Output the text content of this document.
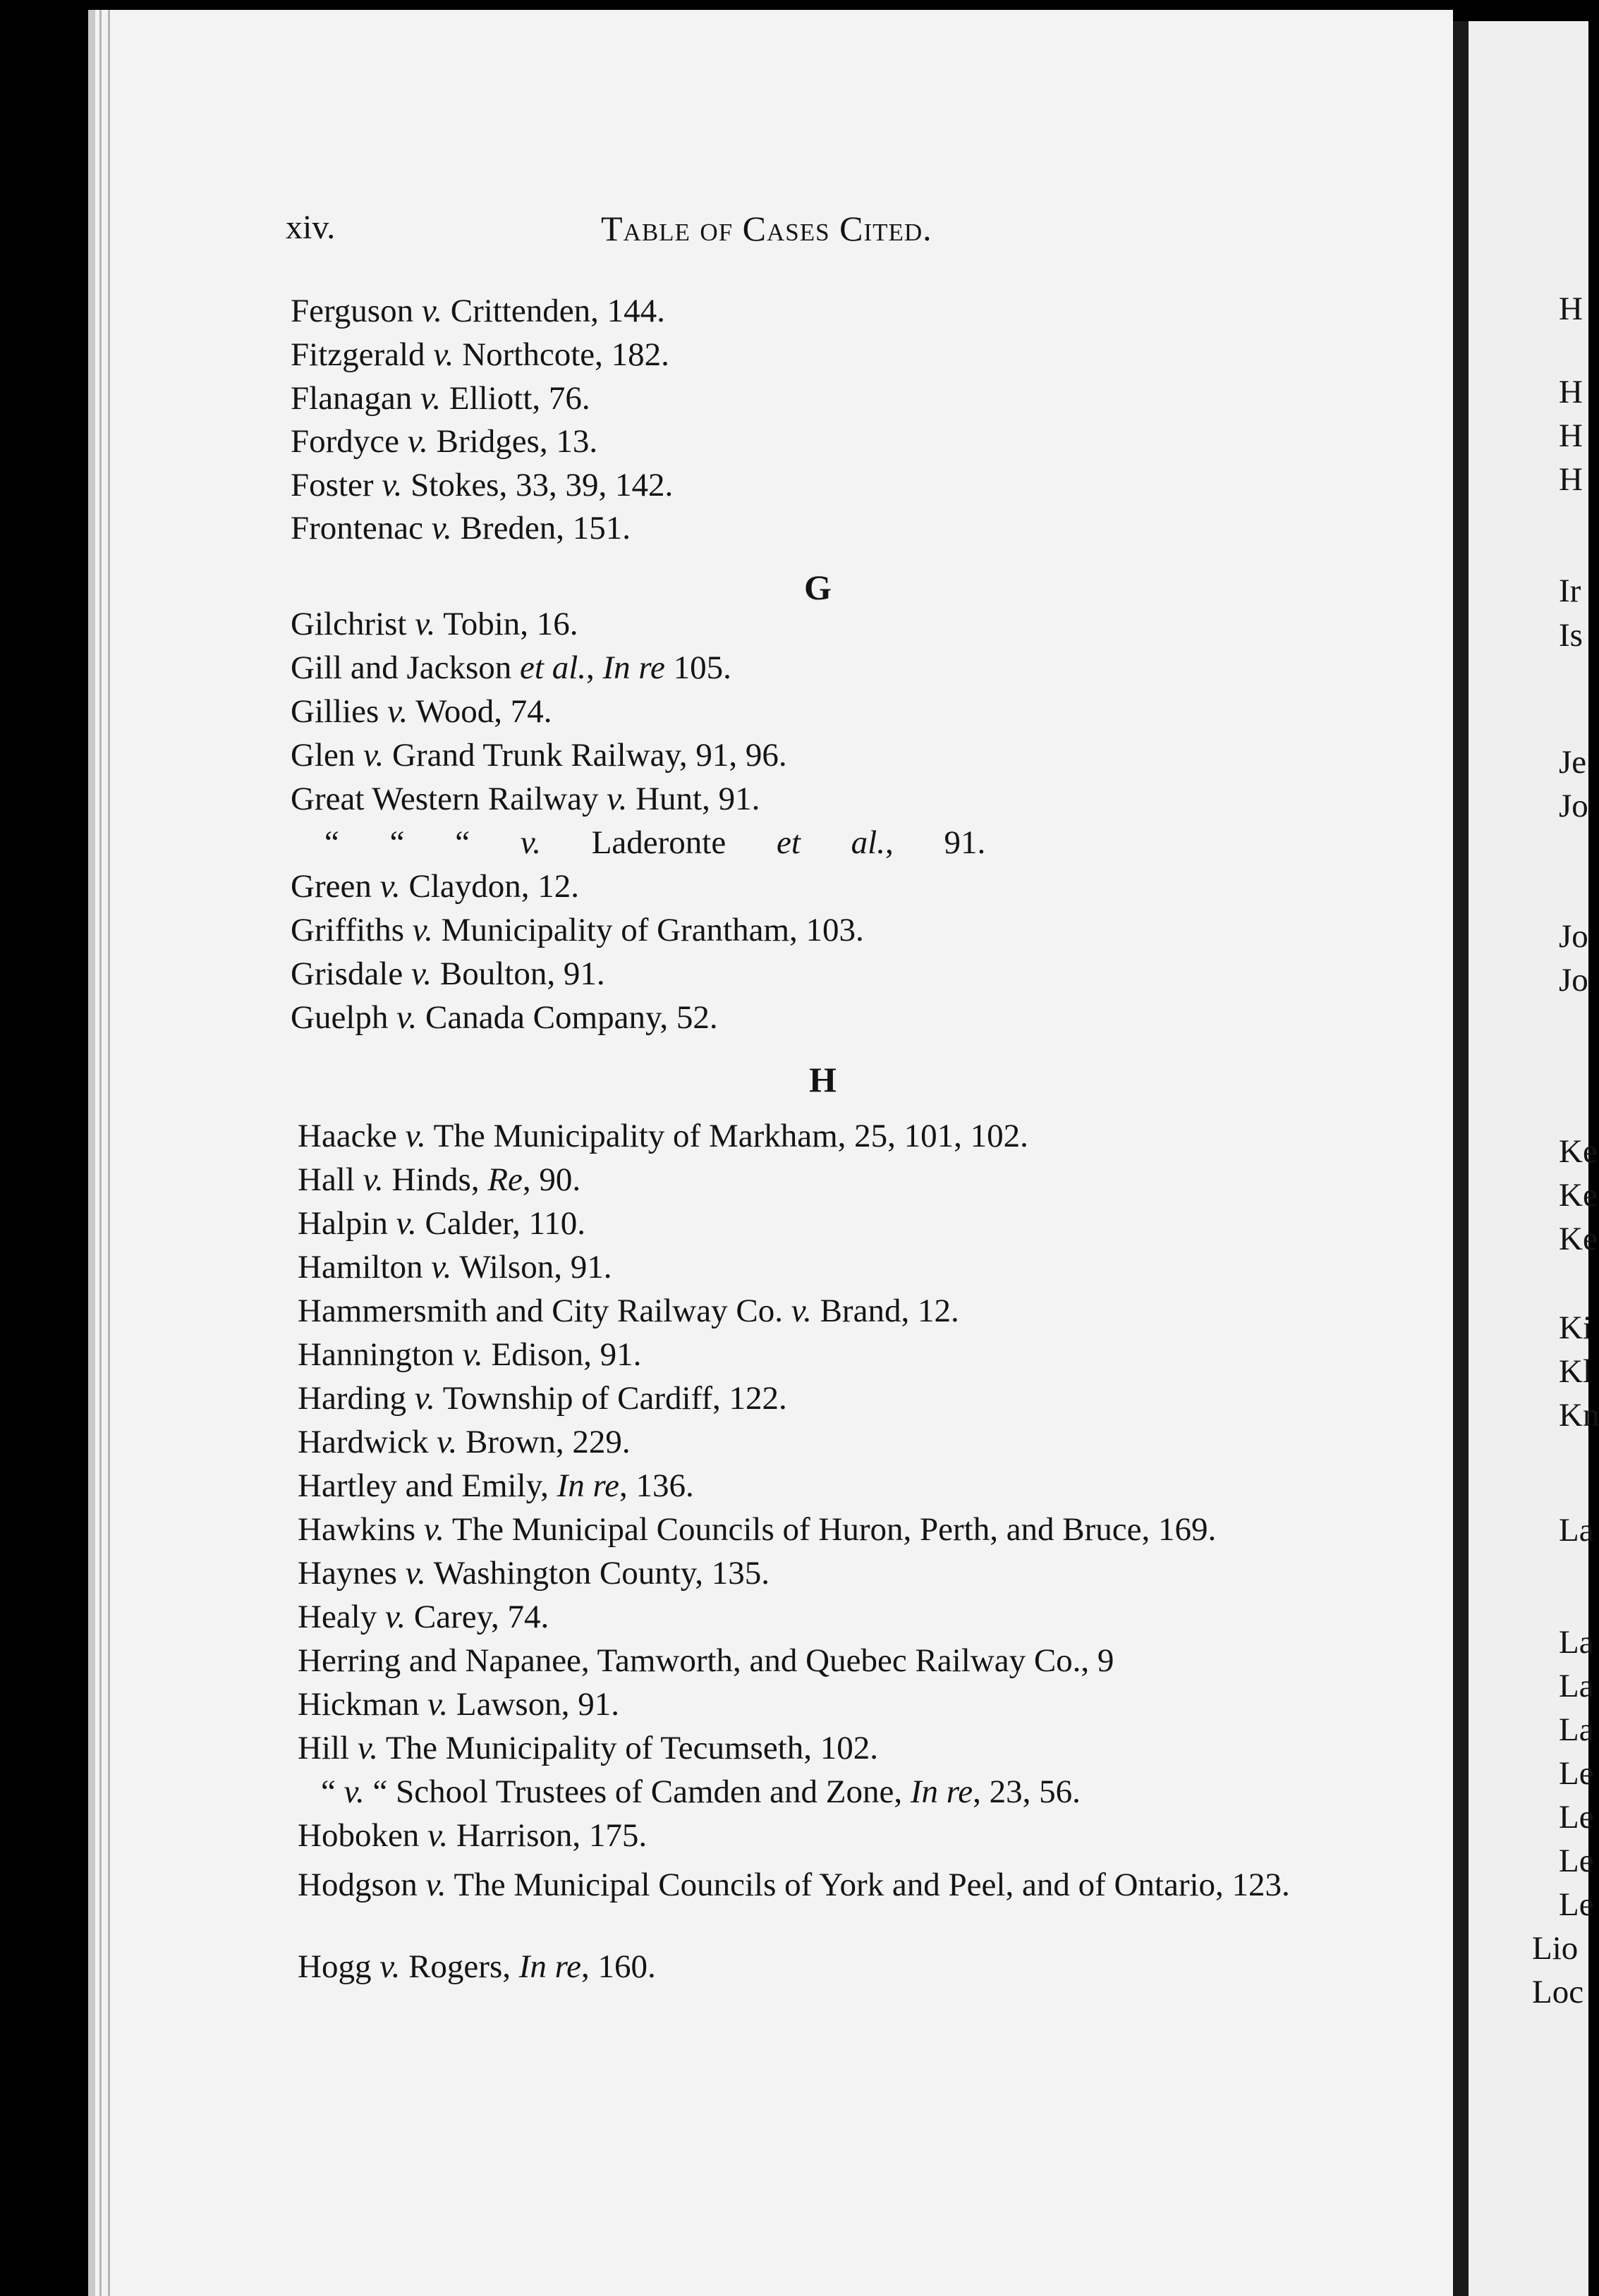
xiv.	Table of Cases Cited.
Ferguson v. Crittenden, 144.
Fitzgerald v. Northcote, 182.
Flanagan v. Elliott, 76.
Fordyce v. Bridges, 13.
Foster v. Stokes, 33, 39, 142.
Frontenac v. Breden, 151.
G
Gilchrist v. Tobin, 16.
Gill and Jackson et al., In re 105.
Gillies v. Wood, 74.
Glen v. Grand Trunk Railway, 91, 96.
Great Western Railway v. Hunt, 91.
“ “ “ v. Laderonte et al., 91.
Green v. Claydon, 12.
Griffiths v. Municipality of Grantham, 103.
Grisdale v. Boulton, 91.
Guelph v. Canada Company, 52.
H
Haacke v. The Municipality of Markham, 25, 101, 102.
Hall v. Hinds, Re, 90.
Halpin v. Calder, 110.
Hamilton v. Wilson, 91.
Hammersmith and City Railway Co. v. Brand, 12.
Hannington v. Edison, 91.
Harding v. Township of Cardiff, 122.
Hardwick v. Brown, 229.
Hartley and Emily, In re, 136.
Hawkins v. The Municipal Councils of Huron, Perth, and Bruce, 169.
Haynes v. Washington County, 135.
Healy v. Carey, 74.
Herring and Napanee, Tamworth, and Quebec Railway Co., 9
Hickman v. Lawson, 91.
Hill v. The Municipality of Tecumseth, 102.
“ v. “ School Trustees of Camden and Zone, In re, 23, 56.
Hoboken v. Harrison, 175.
Hodgson v. The Municipal Councils of York and Peel, and of Ontario, 123.
Hogg v. Rogers, In re, 160.
H
H
H
H
Ir
Is
Je
Jo
Jo
Jo
Ke
Ke
Ke
Ki
Kl
Kn
La
La
La
La
Le
Le
Le
Le
Lio
Loc
